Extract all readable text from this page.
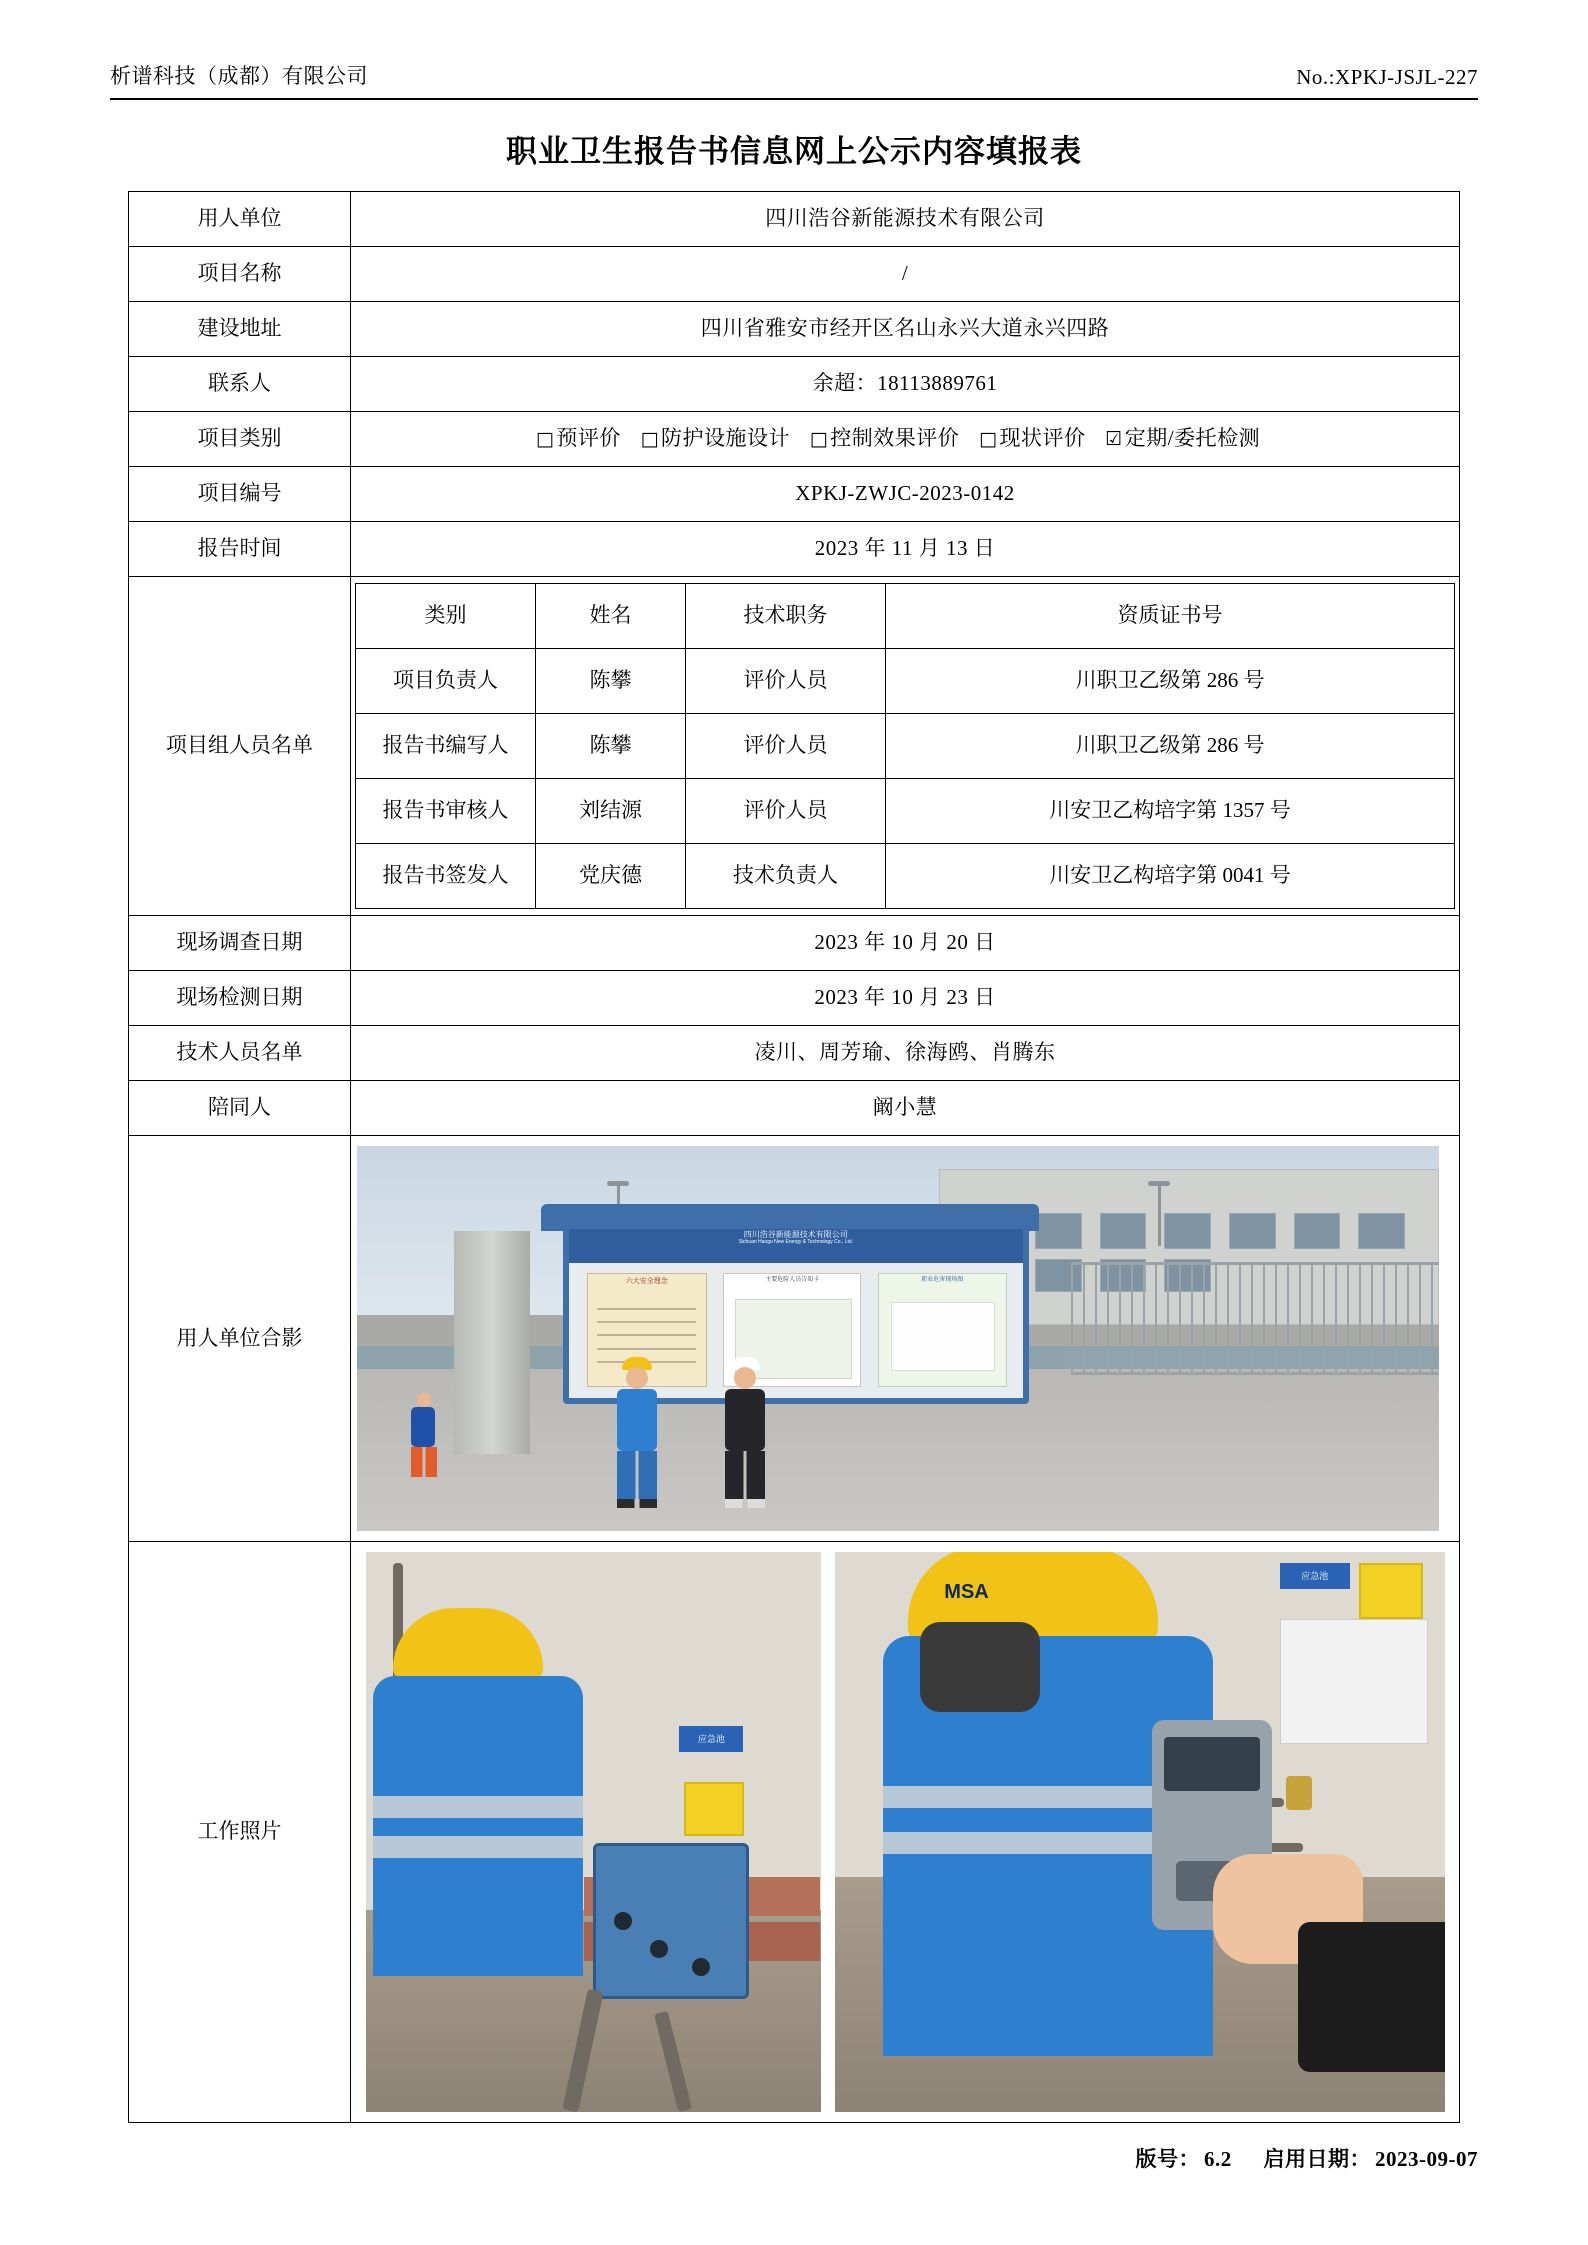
析谱科技（成都）有限公司	No.:XPKJ-JSJL-227
职业卫生报告书信息网上公示内容填报表
用人单位	四川浩谷新能源技术有限公司
项目名称	/
建设地址	四川省雅安市经开区名山永兴大道永兴四路
联系人	余超：18113889761
项目类别	□预评价 □防护设施设计 □控制效果评价 □现状评价 ☑定期/委托检测
项目编号	XPKJ-ZWJC-2023-0142
报告时间	2023 年 11 月 13 日
项目组人员名单	
类别	姓名	技术职务	资质证书号
项目负责人	陈攀	评价人员	川职卫乙级第 286 号
报告书编写人	陈攀	评价人员	川职卫乙级第 286 号
报告书审核人	刘结源	评价人员	川安卫乙构培字第 1357 号
报告书签发人	党庆德	技术负责人	川安卫乙构培字第 0041 号

现场调查日期	2023 年 10 月 20 日
现场检测日期	2023 年 10 月 23 日
技术人员名单	凌川、周芳瑜、徐海鸥、肖腾东
陪同人	阚小慧
用人单位合影	
四川浩谷新能源技术有限公司
Sichuan Haogu New Energy & Technology Co., Ltd.
六大安全理念	主要危险人员告知卡	职业危害现场图

工作照片	
应急池
应急池
MSA
版号： 6.2 启用日期： 2023-09-07
